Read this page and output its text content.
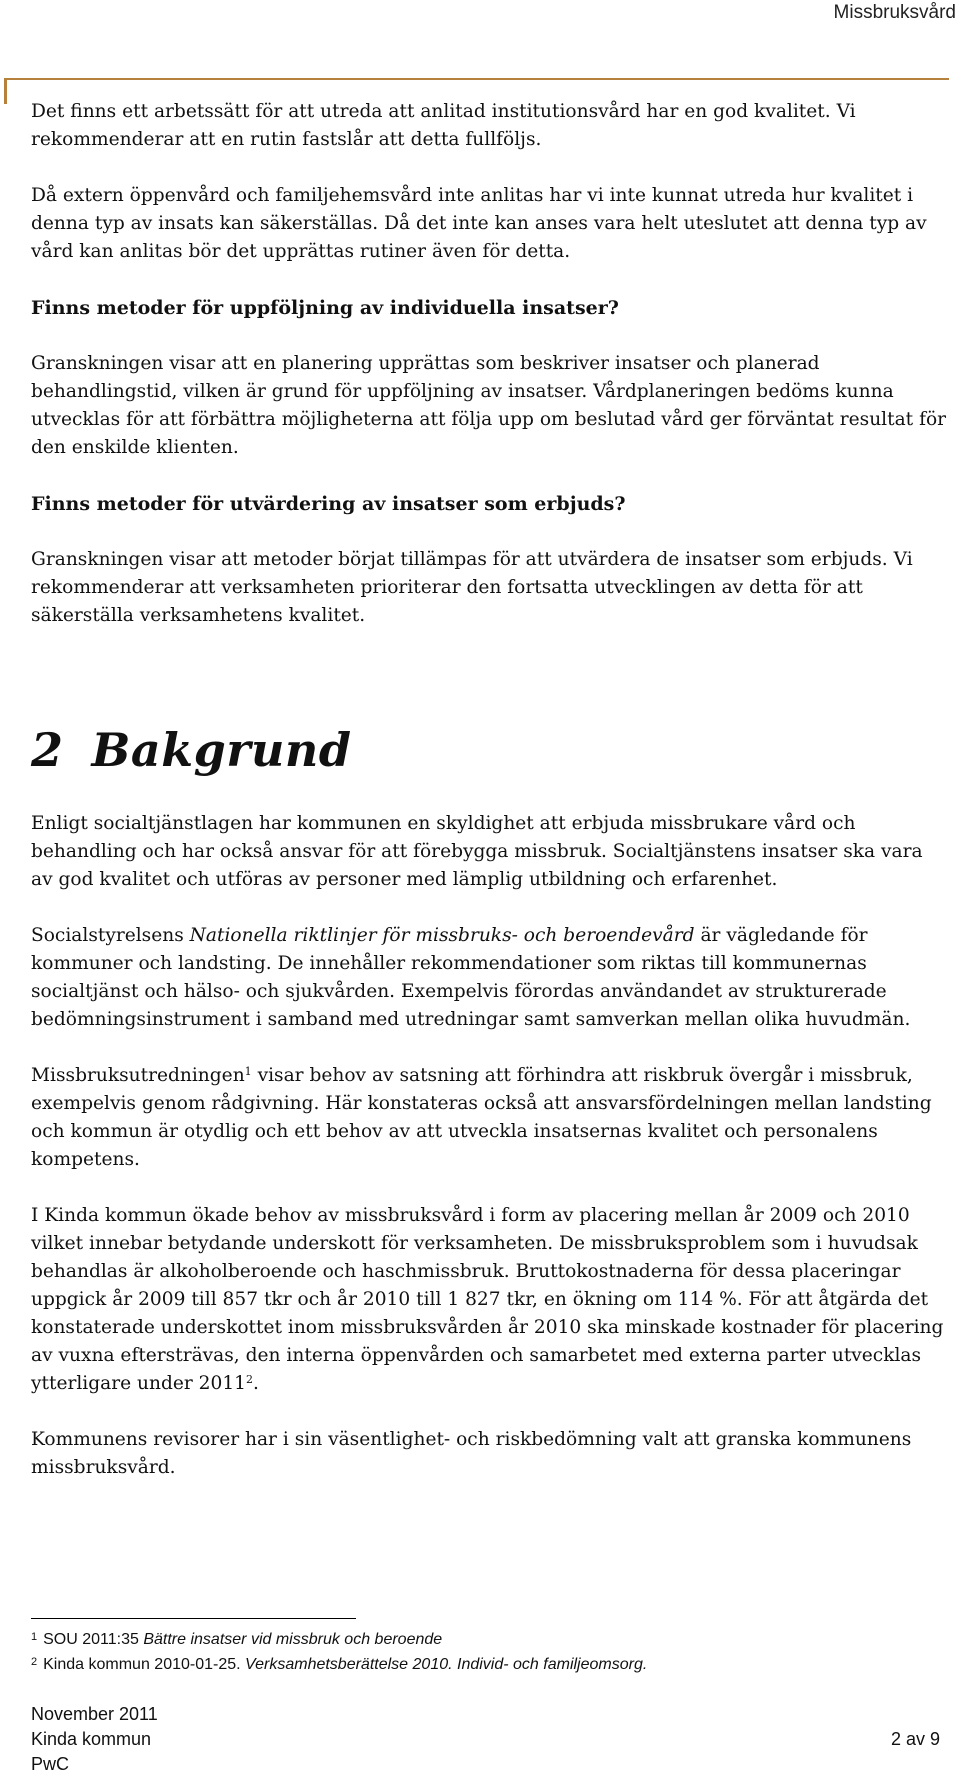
Missbruksvård

Det finns ett arbetssätt för att utreda att anlitad institutionsvård har en god kvalitet. Vi rekommenderar att en rutin fastslår att detta fullföljs.

Då extern öppenvård och familjehemsvård inte anlitas har vi inte kunnat utreda hur kvalitet i denna typ av insats kan säkerställas. Då det inte kan anses vara helt uteslutet att denna typ av vård kan anlitas bör det upprättas rutiner även för detta.

Finns metoder för uppföljning av individuella insatser?

Granskningen visar att en planering upprättas som beskriver insatser och planerad behandlingstid, vilken är grund för uppföljning av insatser. Vårdplaneringen bedöms kunna utvecklas för att förbättra möjligheterna att följa upp om beslutad vård ger förväntat resultat för den enskilde klienten.

Finns metoder för utvärdering av insatser som erbjuds?

Granskningen visar att metoder börjat tillämpas för att utvärdera de insatser som erbjuds. Vi rekommenderar att verksamheten prioriterar den fortsatta utvecklingen av detta för att säkerställa verksamhetens kvalitet.

2 Bakgrund

Enligt socialtjänstlagen har kommunen en skyldighet att erbjuda missbrukare vård och behandling och har också ansvar för att förebygga missbruk. Socialtjänstens insatser ska vara av god kvalitet och utföras av personer med lämplig utbildning och erfarenhet.

Socialstyrelsens Nationella riktlinjer för missbruks- och beroendevård är vägledande för kommuner och landsting. De innehåller rekommendationer som riktas till kommunernas socialtjänst och hälso- och sjukvården. Exempelvis förordas användandet av strukturerade bedömningsinstrument i samband med utredningar samt samverkan mellan olika huvudmän.

Missbruksutredningen$^1$ visar behov av satsning att förhindra att riskbruk övergår i missbruk, exempelvis genom rådgivning. Här konstateras också att ansvarsfördelningen mellan landsting och kommun är otydlig och ett behov av att utveckla insatsernas kvalitet och personalens kompetens.

I Kinda kommun ökade behov av missbruksvård i form av placering mellan år 2009 och 2010 vilket innebar betydande underskott för verksamheten. De missbruksproblem som i huvudsak behandlas är alkoholberoende och haschmissbruk. Bruttokostnaderna för dessa placeringar uppgick år 2009 till 857 tkr och år 2010 till 1 827 tkr, en ökning om 114 %. För att åtgärda det konstaterade underskottet inom missbruksvården år 2010 ska minskade kostnader för placering av vuxna eftersträvas, den interna öppenvården och samarbetet med externa parter utvecklas ytterligare under 2011$^2$.

Kommunens revisorer har i sin väsentlighet- och riskbedömning valt att granska kommunens missbruksvård.

$^1$ SOU 2011:35 Bättre insatser vid missbruk och beroende
$^2$ Kinda kommun 2010-01-25. Verksamhetsberättelse 2010. Individ- och familjeomsorg.
November 2011
Kinda kommun
PwC
2 av 9
